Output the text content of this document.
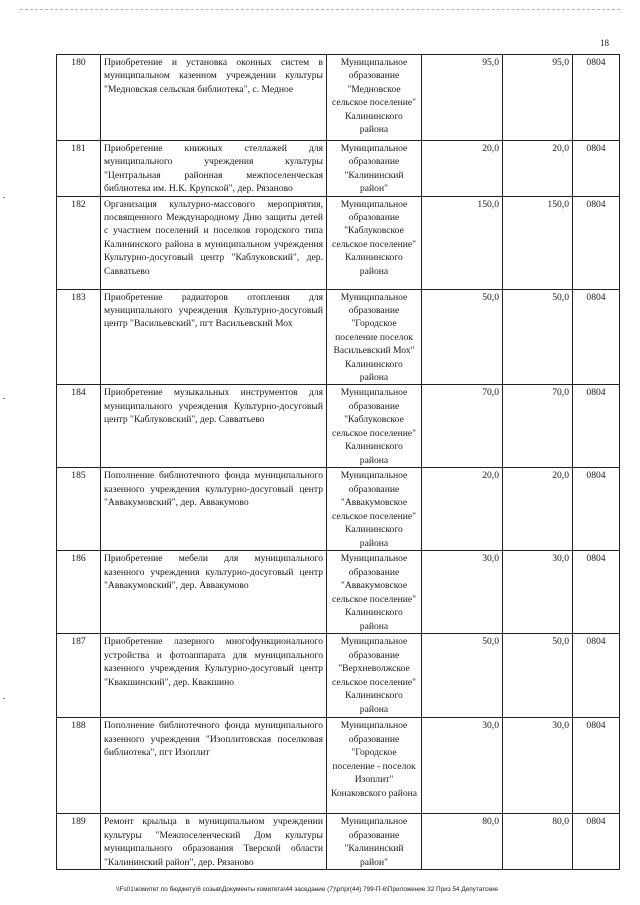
18
180	Приобретение и установка оконных систем в муниципальном казенном учреждении культуры "Медновская сельская библиотека", с. Медное	Муниципальное образование "Медновское сельское поселение" Калининского района	95,0	95,0	0804
181	Приобретение книжных стеллажей для муниципального учреждения культуры "Центральная районная межпоселенческая библиотека им. Н.К. Крупской", дер. Рязаново	Муниципальное образование "Калининский район"	20,0	20,0	0804
182	Организация культурно-массового мероприятия, посвященного Международному Дню защиты детей с участием поселений и поселков городского типа Калининского района в муниципальном учреждения Культурно-досуговый центр "Каблуковский", дер. Савватьево	Муниципальное образование "Каблуковское сельское поселение" Калининского района	150,0	150,0	0804
183	Приобретение радиаторов отопления для муниципального учреждения Культурно-досуговый центр "Васильевский", пгт Васильевский Мох	Муниципальное образование "Городское поселение поселок Васильевский Мох" Калининского района	50,0	50,0	0804
184	Приобретение музыкальных инструментов для муниципального учреждения Культурно-досуговый центр "Каблуковский", дер. Савватьево	Муниципальное образование "Каблуковское сельское поселение" Калининского района	70,0	70,0	0804
185	Пополнение библиотечного фонда муниципального казенного учреждения культурно-досуговый центр "Аввакумовский", дер. Аввакумово	Муниципальное образование "Аввакумовское сельское поселение" Калининского района	20,0	20,0	0804
186	Приобретение мебели для муниципального казенного учреждения культурно-досуговый центр "Аввакумовский", дер. Аввакумово	Муниципальное образование "Аввакумовское сельское поселение" Калининского района	30,0	30,0	0804
187	Приобретение лазерного многофункционального устройства и фотоаппарата для муниципального казенного учреждения Культурно-досуговый центр "Квакшинский", дер. Квакшино	Муниципальное образование "Верхневолжское сельское поселение" Калининского района	50,0	50,0	0804
188	Пополнение библиотечного фонда муниципального казенного учреждения "Изоплитовская поселковая библиотека", пгт Изоплит	Муниципальное образование "Городское поселение - поселок Изоплит" Конаковского района	30,0	30,0	0804
189	Ремонт крыльца в муниципальном учреждении культуры "Межпоселенческий Дом культуры муниципального образования Тверской области "Калининский район", дер. Рязаново	Муниципальное образование "Калининский район"	80,0	80,0	0804
\\Fs01\комитет по бюджету\6 созыв\Документы комитета\44 заседание (7)\pr\pr(44) 799-П-6\Приложение 32 Приз 54 Депутатские
